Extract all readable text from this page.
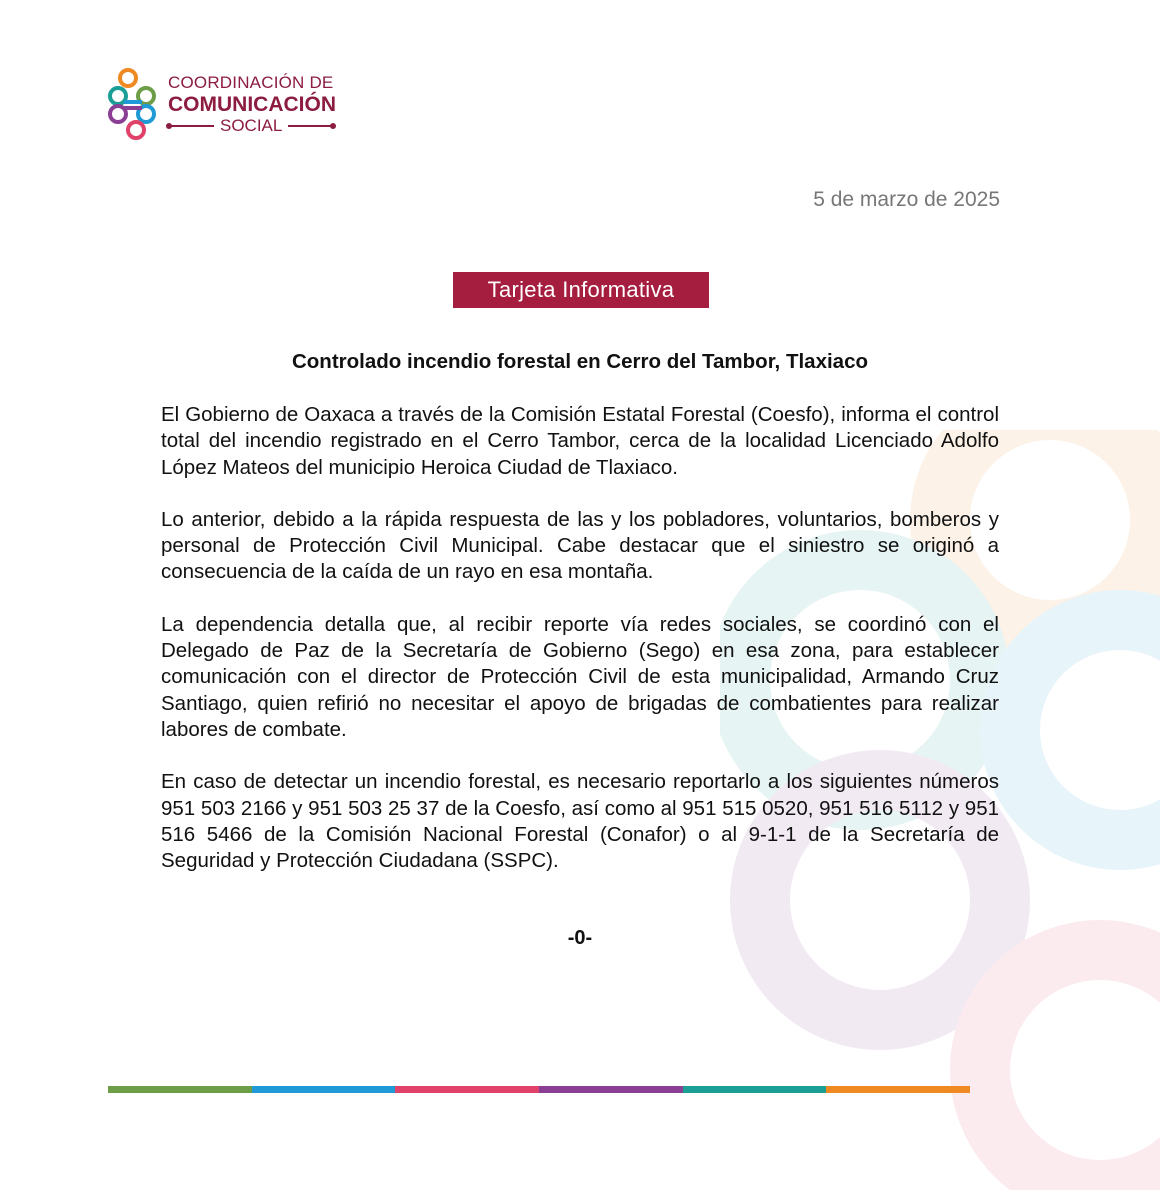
COORDINACIÓN DE
COMUNICACIÓN
SOCIAL
5 de marzo de 2025
Tarjeta Informativa
Controlado incendio forestal en Cerro del Tambor, Tlaxiaco

El Gobierno de Oaxaca a través de la Comisión Estatal Forestal (Coesfo), informa el control total del incendio registrado en el Cerro Tambor, cerca de la localidad Licenciado Adolfo López Mateos del municipio Heroica Ciudad de Tlaxiaco.

Lo anterior, debido a la rápida respuesta de las y los pobladores, voluntarios, bomberos y personal de Protección Civil Municipal. Cabe destacar que el siniestro se originó a consecuencia de la caída de un rayo en esa montaña.

La dependencia detalla que, al recibir reporte vía redes sociales, se coordinó con el Delegado de Paz de la Secretaría de Gobierno (Sego) en esa zona, para establecer comunicación con el director de Protección Civil de esta municipalidad, Armando Cruz Santiago, quien refirió no necesitar el apoyo de brigadas de combatientes para realizar labores de combate.

En caso de detectar un incendio forestal, es necesario reportarlo a los siguientes números 951 503 2166 y 951 503 25 37 de la Coesfo, así como al 951 515 0520, 951 516 5112 y 951 516 5466 de la Comisión Nacional Forestal (Conafor) o al 9-1-1 de la Secretaría de Seguridad y Protección Ciudadana (SSPC).

-0-
